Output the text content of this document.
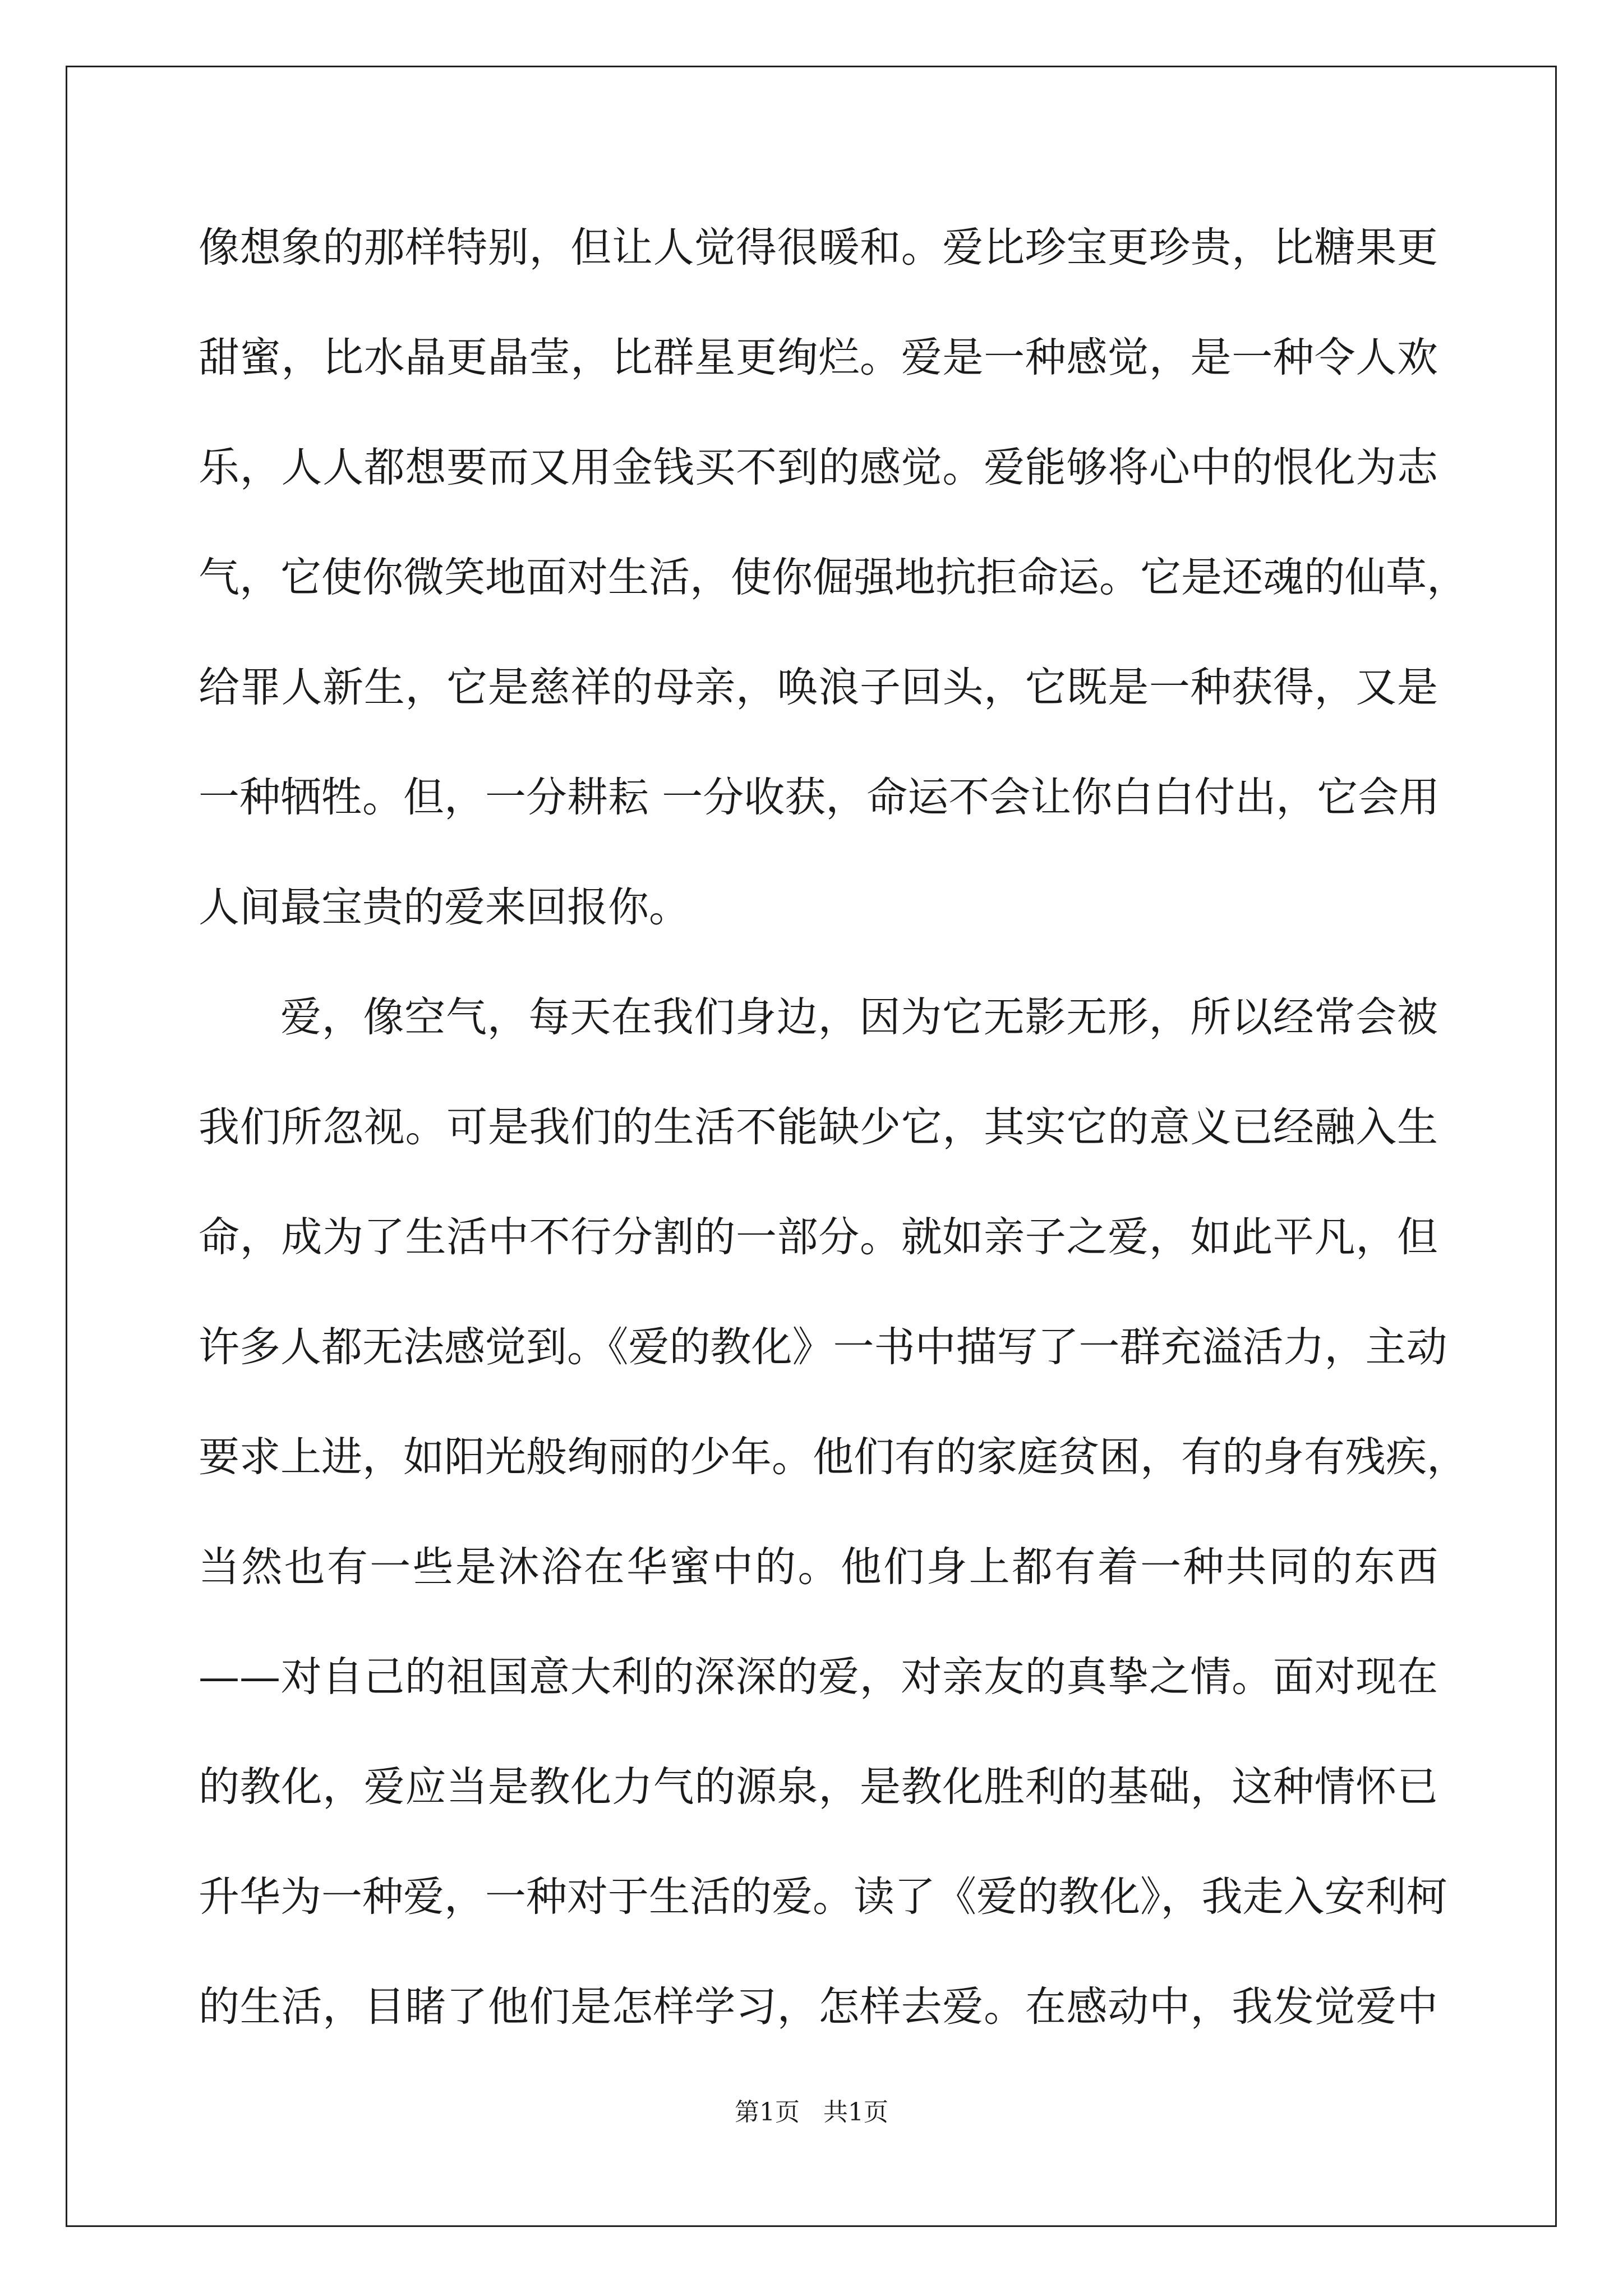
像想象的那样特别，但让人觉得很暖和。爱比珍宝更珍贵，比糖果更
甜蜜，比水晶更晶莹，比群星更绚烂。爱是一种感觉，是一种令人欢
乐，人人都想要而又用金钱买不到的感觉。爱能够将心中的恨化为志
气，它使你微笑地面对生活，使你倔强地抗拒命运。它是还魂的仙草，
给罪人新生，它是慈祥的母亲，唤浪子回头，它既是一种获得，又是
一种牺牲。但，一分耕耘 一分收获，命运不会让你白白付出，它会用
人间最宝贵的爱来回报你。
爱，像空气，每天在我们身边，因为它无影无形，所以经常会被
我们所忽视。可是我们的生活不能缺少它，其实它的意义已经融入生
命，成为了生活中不行分割的一部分。就如亲子之爱，如此平凡，但
许多人都无法感觉到。《爱的教化》一书中描写了一群充溢活力，主动
要求上进，如阳光般绚丽的少年。他们有的家庭贫困，有的身有残疾，
当然也有一些是沐浴在华蜜中的。他们身上都有着一种共同的东西
——对自己的祖国意大利的深深的爱，对亲友的真挚之情。面对现在
的教化，爱应当是教化力气的源泉，是教化胜利的基础，这种情怀已
升华为一种爱，一种对于生活的爱。读了《爱的教化》，我走入安利柯
的生活，目睹了他们是怎样学习，怎样去爱。在感动中，我发觉爱中
第1页 共1页
